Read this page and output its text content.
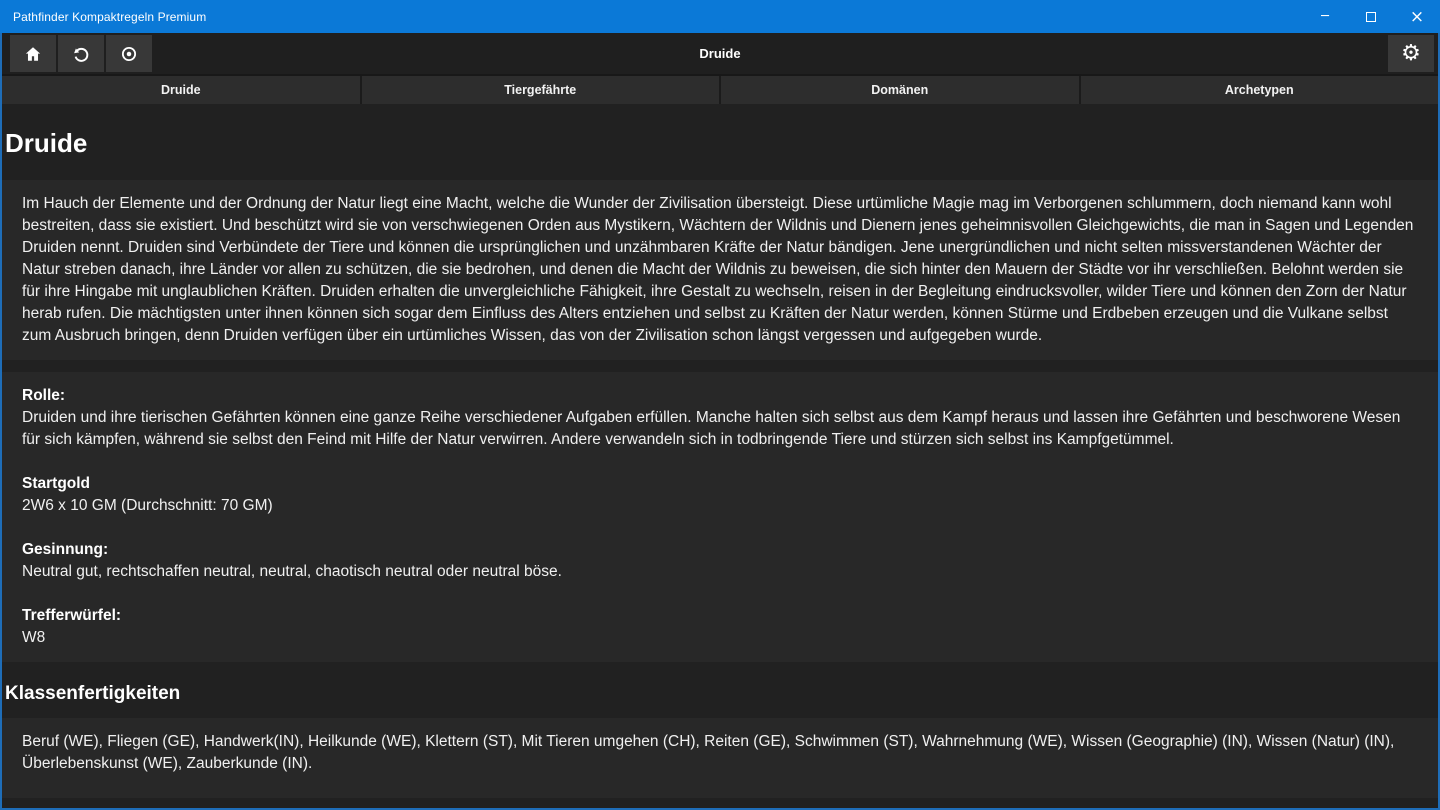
Pathfinder Kompaktregeln Premium	─	×
Druide	⚙
Druide	Tiergefährte	Domänen	Archetypen
Druide
Im Hauch der Elemente und der Ordnung der Natur liegt eine Macht, welche die Wunder der Zivilisation übersteigt. Diese urtümliche Magie mag im Verborgenen schlummern, doch niemand kann wohl bestreiten, dass sie existiert. Und beschützt wird sie von verschwiegenen Orden aus Mystikern, Wächtern der Wildnis und Dienern jenes geheimnisvollen Gleichgewichts, die man in Sagen und Legenden Druiden nennt. Druiden sind Verbündete der Tiere und können die ursprünglichen und unzähmbaren Kräfte der Natur bändigen. Jene unergründlichen und nicht selten missverstandenen Wächter der Natur streben danach, ihre Länder vor allen zu schützen, die sie bedrohen, und denen die Macht der Wildnis zu beweisen, die sich hinter den Mauern der Städte vor ihr verschließen. Belohnt werden sie für ihre Hingabe mit unglaublichen Kräften. Druiden erhalten die unvergleichliche Fähigkeit, ihre Gestalt zu wechseln, reisen in der Begleitung eindrucksvoller, wilder Tiere und können den Zorn der Natur herab rufen. Die mächtigsten unter ihnen können sich sogar dem Einfluss des Alters entziehen und selbst zu Kräften der Natur werden, können Stürme und Erdbeben erzeugen und die Vulkane selbst zum Ausbruch bringen, denn Druiden verfügen über ein urtümliches Wissen, das von der Zivilisation schon längst vergessen und aufgegeben wurde.
Rolle:
Druiden und ihre tierischen Gefährten können eine ganze Reihe verschiedener Aufgaben erfüllen. Manche halten sich selbst aus dem Kampf heraus und lassen ihre Gefährten und beschworene Wesen für sich kämpfen, während sie selbst den Feind mit Hilfe der Natur verwirren. Andere verwandeln sich in todbringende Tiere und stürzen sich selbst ins Kampfgetümmel.
Startgold
2W6 x 10 GM (Durchschnitt: 70 GM)
Gesinnung:
Neutral gut, rechtschaffen neutral, neutral, chaotisch neutral oder neutral böse.
Trefferwürfel:
W8
Klassenfertigkeiten
Beruf (WE), Fliegen (GE), Handwerk(IN), Heilkunde (WE), Klettern (ST), Mit Tieren umgehen (CH), Reiten (GE), Schwimmen (ST), Wahrnehmung (WE), Wissen (Geographie) (IN), Wissen (Natur) (IN), Überlebenskunst (WE), Zauberkunde (IN).
